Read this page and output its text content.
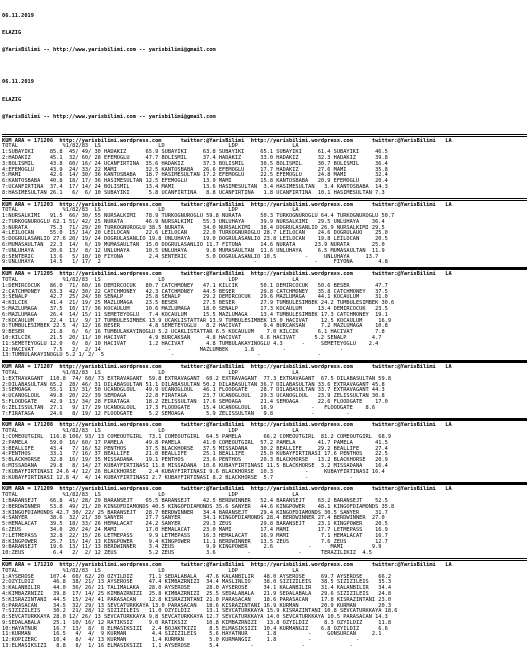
06.11.2019

ELAZIG

@YarisBilimi -- http://www.yarisbilimi.com -- yarisbilimi@gmail.com

06.11.2019

ELAZIG

@YarisBilimi -- http://www.yarisbilimi.com -- yarisbilimi@gmail.com

KUM ARA = 171206  http://yarisbilimi.wordpress.com      twitter:@YarisBilimi  http://yarisbilimi.wordpress.com      twitter:@YarisBilimi   LA
TOTAL              %1/82/83  LS                  LD                    LDP                 LA
1:SUBAYIKI     85.8  45/ 49/ 30 HADAKIZ      65.9 SUBAYIKI     63.8 SUBAYIKI     65.1 SUBAYIKI     61.4 SUBAYIKI     46.5
2:HADAKIZ      45.1  32/ 60/ 28 EFEMOGLU     47.7 BOLISMIL     37.4 HADAKIZ      33.0 HADAKIZ      32.3 HADAKIZ      39.8
3:BOLISMIL     43.8  60/ 16/ 24 UCANFIRTINA  35.6 HADAKIZ      37.3 BOLISMIL     30.5 BOLISMIL     30.7 BOLISMIL     36.4
4:EFEMOGLU     43.9  24/ 33/ 22 MAMI         32.5 KANTOSBABA   26.6 EFEMOGLU     17.7 HADAKIZ      27.6 MAMI         35.8
5:MAMI         42.6  14/ 30/ 36 KANTOSBABA   18.7 HASIMESULTAN 17.2 EFEMOGLU     22.5 EFEMOGLU     24.8 MAMI         32.4
6:KANTOSBABA   40.8  18/ 17/ 36 HASIMESULTAN 12.5 EFEMOGLU     13.9 MAMI         15.8 KANTOSBABA   20.9 EFEMOGLU     20.4
7:UCANFIRTINA  37.4  17/ 14/ 24 BOLISMIL     13.4 MAMI         13.6 HASIMESULTAN  3.4 HASIMESULTAN   3.4 KANTOSBABA  14.3
8:HASIMESULTAN 26.1   6/  6/ 10 SUBAYIKI      5.8 UCANFIRTINA   8.8 UCANFIRTINA   1.8 UCANFIRTINA  10.1 HASIMESULTAN 7.3
KUM ARA = 171203  http://yarisbilimi.wordpress.com      twitter:@YarisBilimi  http://yarisbilimi.wordpress.com      twitter:@YarisBilimi   LA
TOTAL              %1/82/83  LS                  LD                    LDP                 LA
1:NURSALKIMI   91.5  66/ 30/ 55 NURSALKIMI   78.9 TURKOGNUROGLU 59.8 NURATA      50.3 TURKOGNUROGLU 64.4 TURKOGNUROGLU 50.7
2:TURKOGNUROGLU 62.1 51/ 42/ 25 NURATA       46.9 NURSALKIMI   55.3 UNLUHAYA     39.9 NURSALKIMI   29.5 UNLUHAYA    36.4
3:NURATA       75.3  71/ 29/ 20 TURKOGNUROGLU 38.5 NURATA      34.0 NURSALKIMI   38.4 DOGRULASANLIO 26.9 NURSALKIMI 29.5
4:LEILOCAN     55.0  15/ 14/ 20 LEILOCAN     22.6 LEILOCAN     22.0 TURKOGNUROGLU 28.7 LEILOCAN    24.6 DOGRULAUO    25.0
5:DOGRULASANLIO 27.6 20/ 19/ 24 DOGRULASANLIO 19.8 UNLUHAYA    19.0 DOGRULASANLIO 23.8 LEILOCAN    19.8 LEILOCAN     20.5
6:MUMASAULTAN  22.3  14/  6/ 19 MUMASAULTAN  15.0 DOGRULASANLIO 11.7 FITONA      14.6 NURATA      23.9 NURATA       25.0
7:UNLUHAYA     20.6  13/  8/ 12 UNLUHAYA     10.5 UNLUHAYA      9.8 MUMASAULTAN  11.6 UNLUHAYA     6.5 MUMASAULTAN  11.9
8:SENTERIC     13.6   5/ 10/ 10 FIYONA        2.4 SENTERIC      5.0 DOGRULASANLIO 10.5         -     UNLUHAYA     13.7
9:UNLUHAYA     14.5   1/ 17/  2                     -                          -                  -     FIYONA        4.8
KUM ARA = 171205  http://yarisbilimi.wordpress.com      twitter:@YarisBilimi  http://yarisbilimi.wordpress.com      twitter:@YarisBilimi   LA
TOTAL              %1/82/83  LS                  LD                    LDP                 LA
1:DEMIRCOCUK   86.0  71/ 60/ 16 DEMIRCOCUK   80.7 CATCHMONEY   47.1 KILCIK       50.1 DEMIRCOCUK   50.6 BESER        47.7
2:CATCHMONEY   63.3  42/ 30/ 22 CATCHMONEY   42.3 CATCHMONEY   44.5 BESER        29.8 CATCHMONEY   35.8 CATCHMONEY   37.5
3:SENALP       42.7  25/ 24/ 30 SENALP       25.8 SENALP       29.2 DEMIRCOCUK   29.6 MAZLUMAGA    44.1 KOCAULUM     31.0
4:KILCIK       41.4  21/ 19/ 25 MAZLUMAGA    23.5 BESER        27.5 BESER        27.9 TUMBULESIMBEK 24.2 TUMBULESIMBEK 30.6
5:MAZLUMAGA    37.5  10/ 17/ 36 KOCAULUM     10.6 MAZLUMAGA    18.0 SENALP       17.3 KOCAULUM     13.4 DEMIRCOCUK   23.5
6:MAZLUMAGA    26.4  14/ 15/ 11 SEMETEYOGLU   7.4 KOCAULUM     15.5 MAZLUMAGA    13.4 TUMBULESIMBEK 17.3 CATCHMONEY  19.1
7:KOCAULUM     22.4  11/  9/ 17 TUMBULESIMBEK 13.9 UCAKLISTATTAR 13.9 TUMBULESIMBEK 15.0 HACIVAT    12.5 KOCAULUM     16.9
8:TUMBULESIMBEK 22.5  4/ 12/ 16 BESER         4.8 SEMETEYOGLU   8.2 HACIVAT       9.4 BURCAKSAN     7.2 MAZLUMAGA    10.8
9:BESER        21.8   6/  6/ 16 TUMBULAKAYINOGLU 5.2 UCAKLISTATTAR 6.5 KOCAULUM    7.0 KILCIK      6.1 HACIVAT       7.8
10:KILCIK      21.5  20/ 11/ 10 HACIVAT       4.9 BURCAKSAN     4.8 HACIVAT      6.6 HACIVAT      5.2 SENALP        4.7
11:SEMETEYOGLU 12.0   6/  8/ 10 HACIVAT       1.2 HACIVAT       4.8 TUMBULAKAYINOGLU 4.3      -     SEMETEYOGLU    2.4
12:HACIVAT      7.5   2/  2/ 14                     -         MAZLUMBEK     1.8         -                 -
13:TUMBULAKAYINOGLU 5.2 1/ 2/  5                     -                          -                  -
KUM ARA = 171207  http://yarisbilimi.wordpress.com      twitter:@YarisBilimi  http://yarisbilimi.wordpress.com      twitter:@YarisBilimi   LA
TOTAL              %1/82/83  LS                  LD                    LDP                 LA
1:EXTRAVAGANT  110.8  74/ 60/ 73 EXTRAVAGANT  59.8 EXTRAVAGANT  60.2 EXTRAVAGANT  77.3 EXTRAVAGANT  67.5 DILABASULTAN 59.8
2:DILABASULTAN 65.2  28/ 46/ 31 DILABASULTAN 51.1 DILABASULTAN 50.2 DILABASULTAN 36.7 DILABASULTAN 33.6 EXTRAVAGANT 45.8
3:SEMOAGA      55.1  13/ 31/ 50 UCANOGLOUL   49.9 UCANOGLOUL   46.1 FLOODGATE    28.7 DILABASULTAN 33.7 EXTRAVAGANT 44.3
4:UCANOGLOUL   49.8  20/ 22/ 39 SEMOAGA      22.8 FIRATAGA     23.7 UCANOGLOUL   29.3 UCANOGLOUL   23.9 ZELISSULTAN 30.8
5:FLOODGATE    42.9  13/ 34/ 28 FIRATAGA     18.2 ZELISSULTAN  17.6 SEMOAGA      21.4 SEMOAGA      22.6 FLOODGATE    17.0
6:ZELISSULTAN  27.1   9/ 17/ 29 UCANOGLOUL   17.3 FLOODGATE    15.4 UCANOGLOUL   16.9            -   FLOODGATE    8.6
7:FIRATAGA     24.6   8/ 19/ 12 FLOODGATE     5.2 SEMOAGA       5.9 ZELISSULTAN   9.8            -          -
KUM ARA = 171208  http://yarisbilimi.wordpress.com      twitter:@YarisBilimi  http://yarisbilimi.wordpress.com      twitter:@YarisBilimi   LA
TOTAL              %1/82/83  LS                  LD                    LDP                 LA
1:COMEOUTGIRL  116.8 106/ 93/ 13 COMEOUTGIRL  73.1 COMEOUTGIRL  64.5 PAMELA       66.2 COMEOUTGIRL  81.2 COMEOUTGIRL  68.9
2:PAMELA       59.0  16/ 60/ 17 PAMELA       49.8 PAMELA       41.0 COMEOUTGIRL  57.2 PAMELA       41.7 PAMELA       41.5
3:BEALLIFE     43.4   7/ 16/ 52 PENTHOS      37.5 BLACKHORSE   37.5 MISSADANA    30.2 BEALLIFE     29.2 BEALLIFE     27.4
4:PENTHOS      33.1   7/ 16/ 37 BEALLIFE     21.0 BEALLIFE     25.1 BEALLIFE     25.0 KUBAYFIRTINASI 17.6 PENTHOS    22.5
5:BLACKHORSE   32.8  16/ 19/ 35 MISSADANA    19.1 PENTHOS      23.6 PENTHOS      20.3 BLACKHORSE   13.2 BLACKHORSE   20.9
6:MISSADANA    29.8   8/ 14/ 27 KUBAYFIRTINASI 11.8 MISSADANA  10.6 KUBAYFIRTINASI 11.5 BLACKHORSE  3.2 MISSADANA    16.4
7:KUBAYFIRTINASI 24.6 4/ 12/ 26 BLACKHORSE    2.4 KUBAYFIRTINASI 9.6 BLACKHORSE  10.3          -     KUBAYFIRTINASI 16.4
8:KUBAYFIRTINASI 12.8 4/  4/ 14 KUBAYFIRTINASI 2.7 KUBAYFIRTINASI 8.2 BLACKHORSE  5.7          -             -
KUM ARA = 171209  http://yarisbilimi.wordpress.com      twitter:@YarisBilimi  http://yarisbilimi.wordpress.com      twitter:@YarisBilimi   LA
TOTAL              %1/82/83  LS                  LD                    LDP                 LA
1:BARANSEJT    66.8  41/ 28/ 29 BARANSEJT    65.5 BARANSEJT    42.5 BERDWINNER   52.4 BARANSEJT    63.2 BARANSEJT    52.5
2:BERDWINNER   53.8  49/ 21/ 20 KINGOFDIAMONDS 40.5 KINGOFDIAMONDS 35.6 SANYER   44.6 KINGPOWER    48.1 KINGOFDIAMONDS 35.8
3:KINGOFDIAMONDS 42.7 30/ 22/ 25 BARANSEJT   28.7 BERDWINNER   34.4 BARANSEJT    29.4 KINGOFDIAMONDS 30.5 SANYER     31.7
4:SANYER       38.6  32/ 21/ 30 SANYER       27.7 SANYER       34.1 KINGOFDIAMONDS 28.4 BERDWINNER 27.4 BERDWINNER  27.0
5:HEMALACAT    39.5  18/ 33/ 26 HEMALACAT    24.2 SANYER       29.3 ZEUS         29.8 BARANSEJT    23.1 KINGPOWER    20.5
6:ZEUS         34.0  20/ 24/ 24 MAMI         17.0 HEMALACAT    23.0 MAMI         17.4 MAMI         17.7 LETMEPASS    16.9
7:LETMEPASS    32.8  22/ 15/ 26 LETMEPASS     9.9 LETMEPASS    16.3 HEMALACAT    16.9 MAMI          7.1 HEMALACAT    16.7
8:KINGPOWER    25.7  15/ 14/ 13 KINGPOWER     9.4 KINGPOWER    11.1 BERDWINNER   13.5 ZEUS          7.6 ZEUS         12.7
9:BARANSEJT    19.6  13/ 11/ 13 BERDWINNER    3.4 ZEUS          9.9 KINGPOWER     2.6           -      MAMI         9.9
10:ZEUS         6.4   2/  2/ 12 ZEUS          5.2 ZEUS          3.6          -               -      TERAZILIKIZ  4.5
KUM ARA = 171210  http://yarisbilimi.wordpress.com      twitter:@YarisBilimi  http://yarisbilimi.wordpress.com      twitter:@YarisBilimi   LA
TOTAL              %1/82/83  LS                  LD                    LDP                 LA
1:AYSEROSE     107.4  60/ 62/ 20 OZYILDIZ     71.1 SEDALABALA   47.6 KALANBILIR   48.0 AYSEROSE     69.7 AYSEROSE     66.2
2:OZYILDIZ      46.8  38/ 21/ 13 AYSEROSE     47.4 KIMBAZRNIZI  34.4 MASLINLIO    38.0 SIZIZILEIS   38.5 SIZIZILEIS   35.3
3:KALANBILIR    44.0  36/ 26/ 21 TALIMALAKA   28.0 AYSEROSE     28.0 AYSEROSE     34.1 KALANBILIR   31.4 KALANBILIR   34.4
4:KIMBAZRNIZI   39.8  17/ 14/ 25 KIMBAZRNIZI  25.8 KIMBAZRNIZI  25.5 SEDALABALA   21.9 SEDALABALA   29.6 SIZIZILEIS   24.8
5:KISRAZINTANI  44.5  15/ 24/ 41 PARASACAN    12.8 KISRAZINTANI 21.0 PARASACAN    18.6 PARASACAN    17.8 KISRAZINTANI 23.0
6:PARASACAN     34.5  32/ 29/ 13 SEVCATURKKAYA 13.0 PARASACAN   18.6 KISRAZINTANI 16.9 KURMAN       20.9 KURMAN       20.3
7:SIZIZILEIS    30.2  21/ 28/ 12 SIZIZILEIS   11.0 OZYILDIZ     13.1 SEVCATURKKAYA 15.9 KISRAZINTANI 10.8 SEVCATURKKAYA 18.6
8:SEVCATURKKAYA 28.0 12/ 26/ 13 SEVCATURKKAYA 9.8 SEVCATURKKAYA 12.7 SEVCATURKKAYA 14.0 SEVCATURKKAYA 10.5 PARASACAN 14.3
9:SEDALABALA    25.1  10/ 16/ 12 RATIKSIZ     9.0 RATIKSIZ      10.8 KIMBAZRNIZI   13.8 OZYILDIZ     8.3 OZYILDIZ     11.8
10:HAYATNUR     16.7  13/  8/  8 ELMASIKSIZI   2.4 BOJAKTKIZI    8.5 ELMASIKSIZI  10.4 KURMANGIZ    6.8 OZYILDIZ      6.6
11:KURMAN       16.5   4/  4/  9 KURMAN        4.4 SIZIZILEIS    5.6 HAYATNUR      1.8          -     GONSURCAN     2.1
12:KOPIZERC     10.4   8/  4/ 13 KURMAN        1.4 KURMAN        5.0 KURMANGIZ     1.8          -              -
13:ELMASIKSIZI   8.8   8/  1/ 16 ELMASIKSIZI   1.1 AYSEROSE      5.4          -               -              -
